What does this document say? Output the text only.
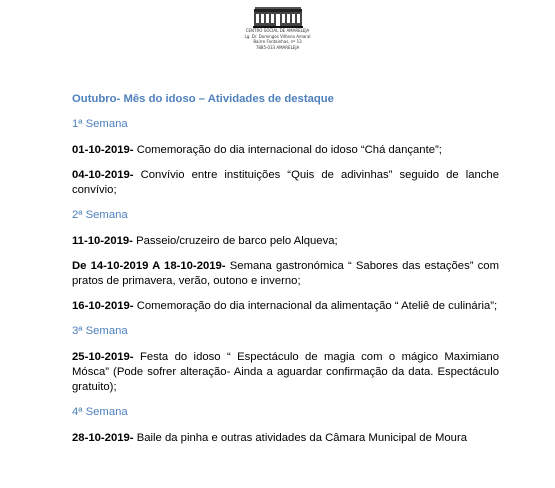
CENTRO SOCIAL DE AMARELEJA
Lg. Dr. Domingos Vilhena Amaral
Bairro Fontainhas, nº 13
7885-033 AMARELEJA
Outubro- Mês do idoso – Atividades de destaque
1ª Semana
01-10-2019- Comemoração do dia internacional do idoso “Chá dançante”;
04-10-2019- Convívio entre instituições “Quis de adivinhas” seguido de lanche convívio;
2ª Semana
11-10-2019- Passeio/cruzeiro de barco pelo Alqueva;
De 14-10-2019 A 18-10-2019- Semana gastronómica “ Sabores das estações” com pratos de primavera, verão, outono e inverno;
16-10-2019- Comemoração do dia internacional da alimentação “ Ateliê de culinária”;
3ª Semana
25-10-2019- Festa do idoso “ Espectáculo de magia com o mágico Maximiano Mósca” (Pode sofrer alteração- Ainda a aguardar confirmação da data. Espectáculo gratuito);
4ª Semana
28-10-2019- Baile da pinha e outras atividades da Câmara Municipal de Moura
